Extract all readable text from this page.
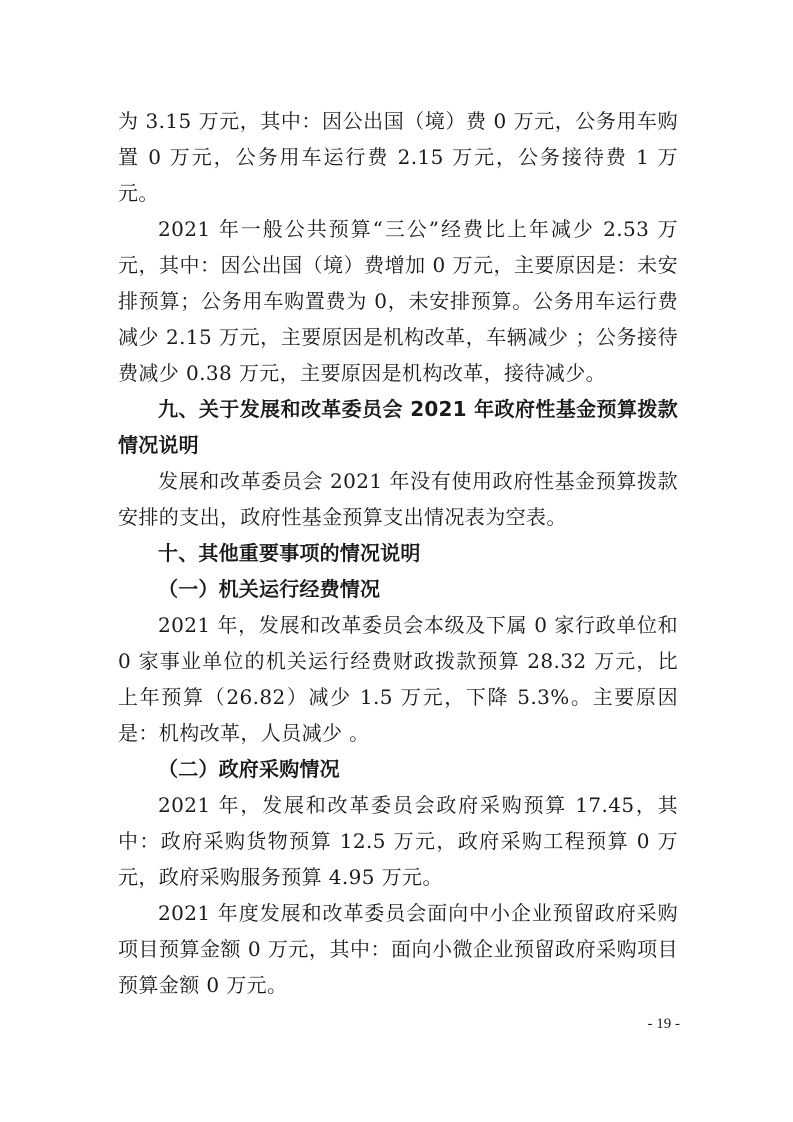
为 3.15 万元，其中：因公出国（境）费 0 万元，公务用车购置 0 万元，公务用车运行费 2.15 万元，公务接待费 1 万元。

2021 年一般公共预算“三公”经费比上年减少 2.53 万元，其中：因公出国（境）费增加 0 万元，主要原因是：未安排预算；公务用车购置费为 0，未安排预算。公务用车运行费减少 2.15 万元，主要原因是机构改革，车辆减少 ；公务接待费减少 0.38 万元，主要原因是机构改革，接待减少。

九、关于发展和改革委员会 2021 年政府性基金预算拨款情况说明

发展和改革委员会 2021 年没有使用政府性基金预算拨款安排的支出，政府性基金预算支出情况表为空表。

十、其他重要事项的情况说明

（一）机关运行经费情况

2021 年，发展和改革委员会本级及下属 0 家行政单位和 0 家事业单位的机关运行经费财政拨款预算 28.32 万元，比上年预算（26.82）减少 1.5 万元，下降 5.3%。主要原因是：机构改革，人员减少 。

（二）政府采购情况

2021 年，发展和改革委员会政府采购预算 17.45，其中：政府采购货物预算 12.5 万元，政府采购工程预算 0 万元，政府采购服务预算 4.95 万元。

2021 年度发展和改革委员会面向中小企业预留政府采购项目预算金额 0 万元，其中：面向小微企业预留政府采购项目预算金额 0 万元。

- 19 -
